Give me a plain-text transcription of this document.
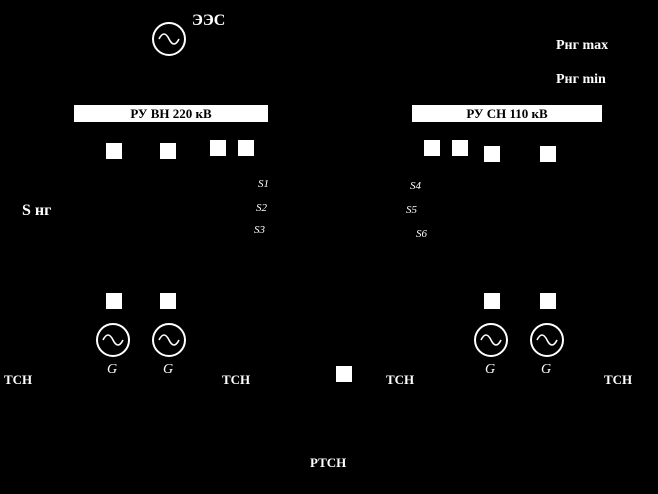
ЭЭС
Рнг max
Рнг min
РУ ВН 220 кВ	РУ СН 110 кВ
S нг
S1
S2
S3
S4
S5
S6
G	G	G	G
ТСН	ТСН	ТСН	ТСН
РТСН
